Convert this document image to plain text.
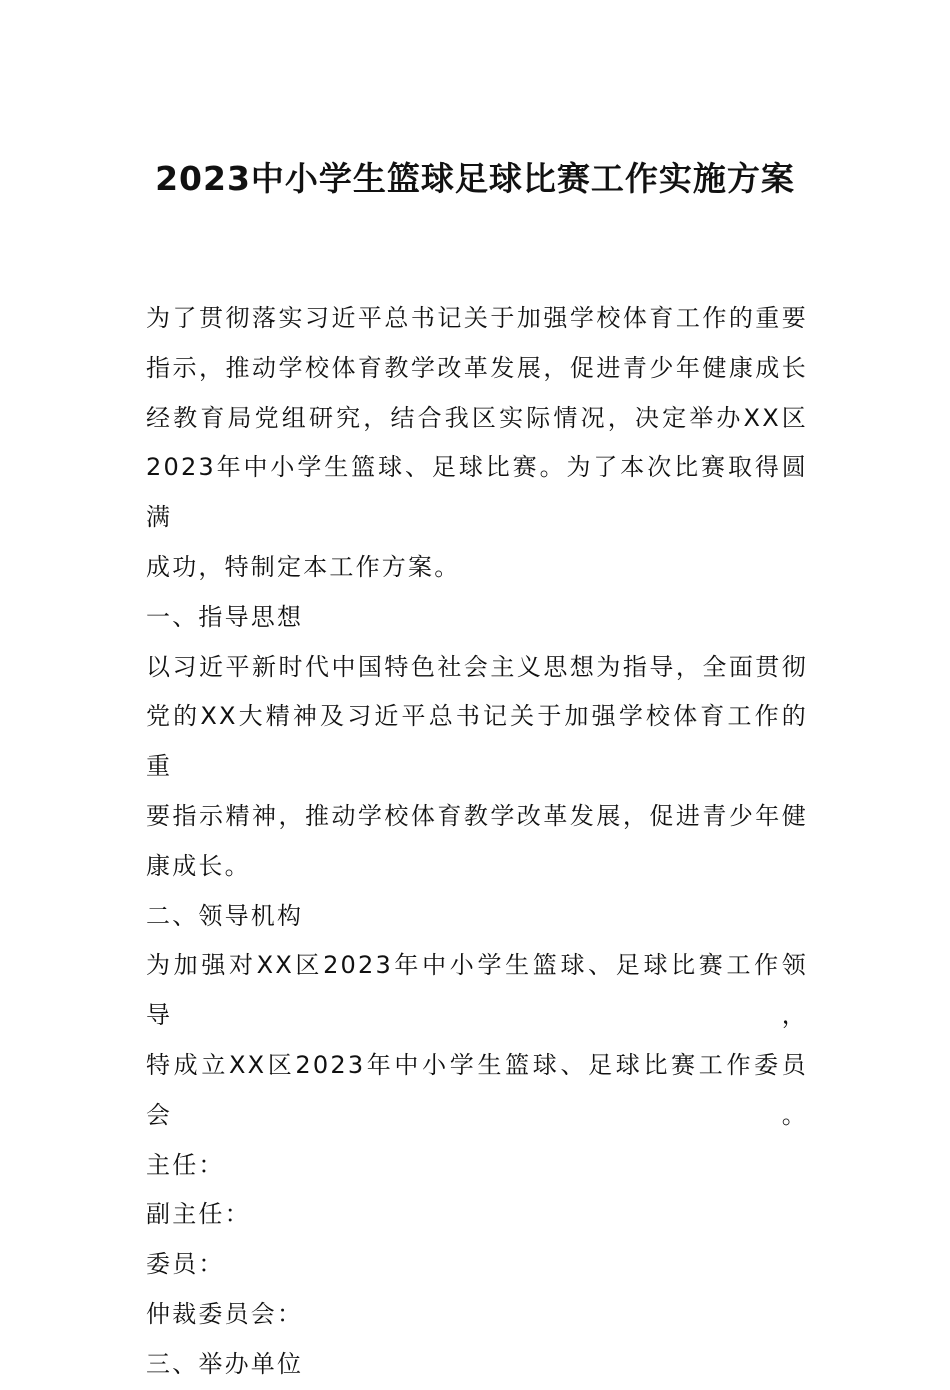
2023中小学生篮球足球比赛工作实施方案

为了贯彻落实习近平总书记关于加强学校体育工作的重要

指示，推动学校体育教学改革发展，促进青少年健康成长

经教育局党组研究，结合我区实际情况，决定举办XX区

2023年中小学生篮球、足球比赛。为了本次比赛取得圆满

成功，特制定本工作方案。

一、指导思想

以习近平新时代中国特色社会主义思想为指导，全面贯彻

党的XX大精神及习近平总书记关于加强学校体育工作的重

要指示精神，推动学校体育教学改革发展，促进青少年健

康成长。

二、领导机构

为加强对XX区2023年中小学生篮球、足球比赛工作领导，

特成立XX区2023年中小学生篮球、足球比赛工作委员会。

主任：

副主任：

委员：

仲裁委员会：

三、举办单位
